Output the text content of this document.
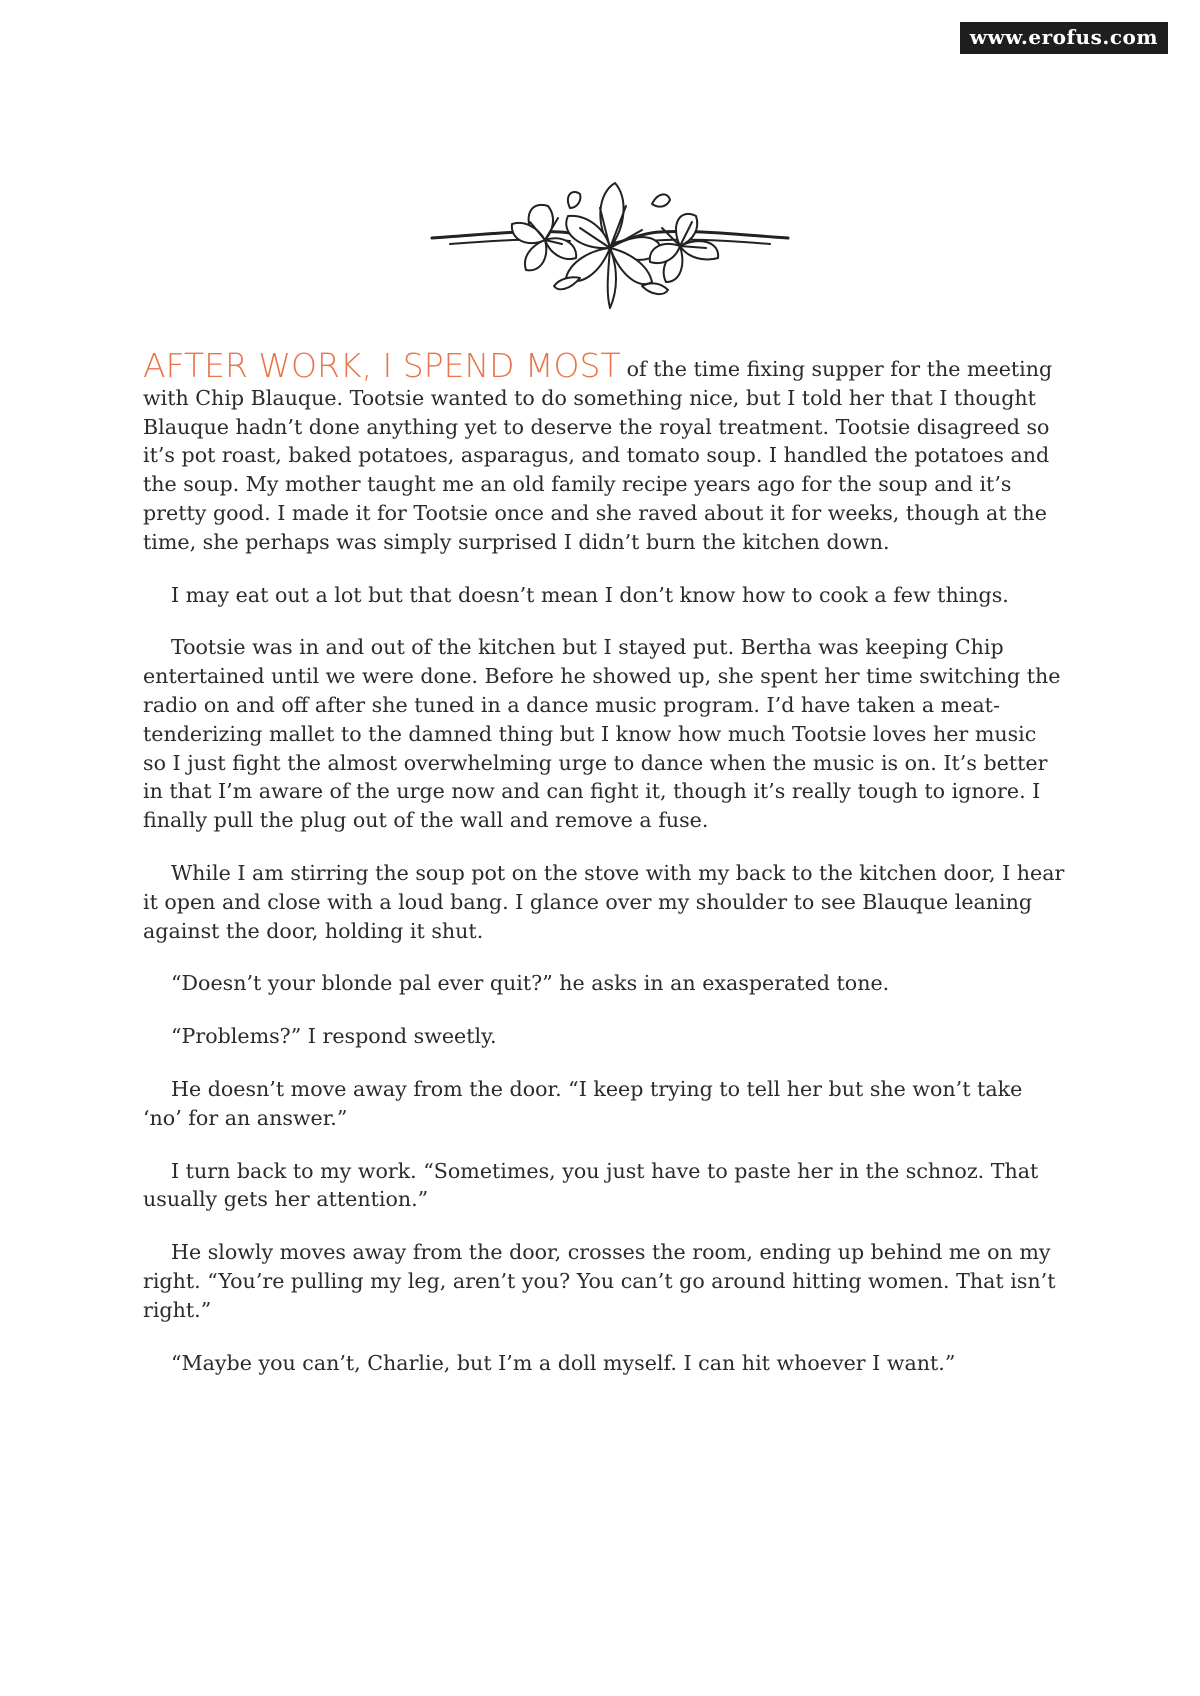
www.erofus.com

AFTER WORK, I SPEND MOST of the time fixing supper for the meeting with Chip Blauque. Tootsie wanted to do something nice, but I told her that I thought Blauque hadn’t done anything yet to deserve the royal treatment. Tootsie disagreed so it’s pot roast, baked potatoes, asparagus, and tomato soup. I handled the potatoes and the soup. My mother taught me an old family recipe years ago for the soup and it’s pretty good. I made it for Tootsie once and she raved about it for weeks, though at the time, she perhaps was simply surprised I didn’t burn the kitchen down.

I may eat out a lot but that doesn’t mean I don’t know how to cook a few things.

Tootsie was in and out of the kitchen but I stayed put. Bertha was keeping Chip entertained until we were done. Before he showed up, she spent her time switching the radio on and off after she tuned in a dance music program. I’d have taken a meat-tenderizing mallet to the damned thing but I know how much Tootsie loves her music so I just fight the almost overwhelming urge to dance when the music is on. It’s better in that I’m aware of the urge now and can fight it, though it’s really tough to ignore. I finally pull the plug out of the wall and remove a fuse.

While I am stirring the soup pot on the stove with my back to the kitchen door, I hear it open and close with a loud bang. I glance over my shoulder to see Blauque leaning against the door, holding it shut.

“Doesn’t your blonde pal ever quit?” he asks in an exasperated tone.

“Problems?” I respond sweetly.

He doesn’t move away from the door. “I keep trying to tell her but she won’t take ‘no’ for an answer.”

I turn back to my work. “Sometimes, you just have to paste her in the schnoz. That usually gets her attention.”

He slowly moves away from the door, crosses the room, ending up behind me on my right. “You’re pulling my leg, aren’t you? You can’t go around hitting women. That isn’t right.”

“Maybe you can’t, Charlie, but I’m a doll myself. I can hit whoever I want.”
